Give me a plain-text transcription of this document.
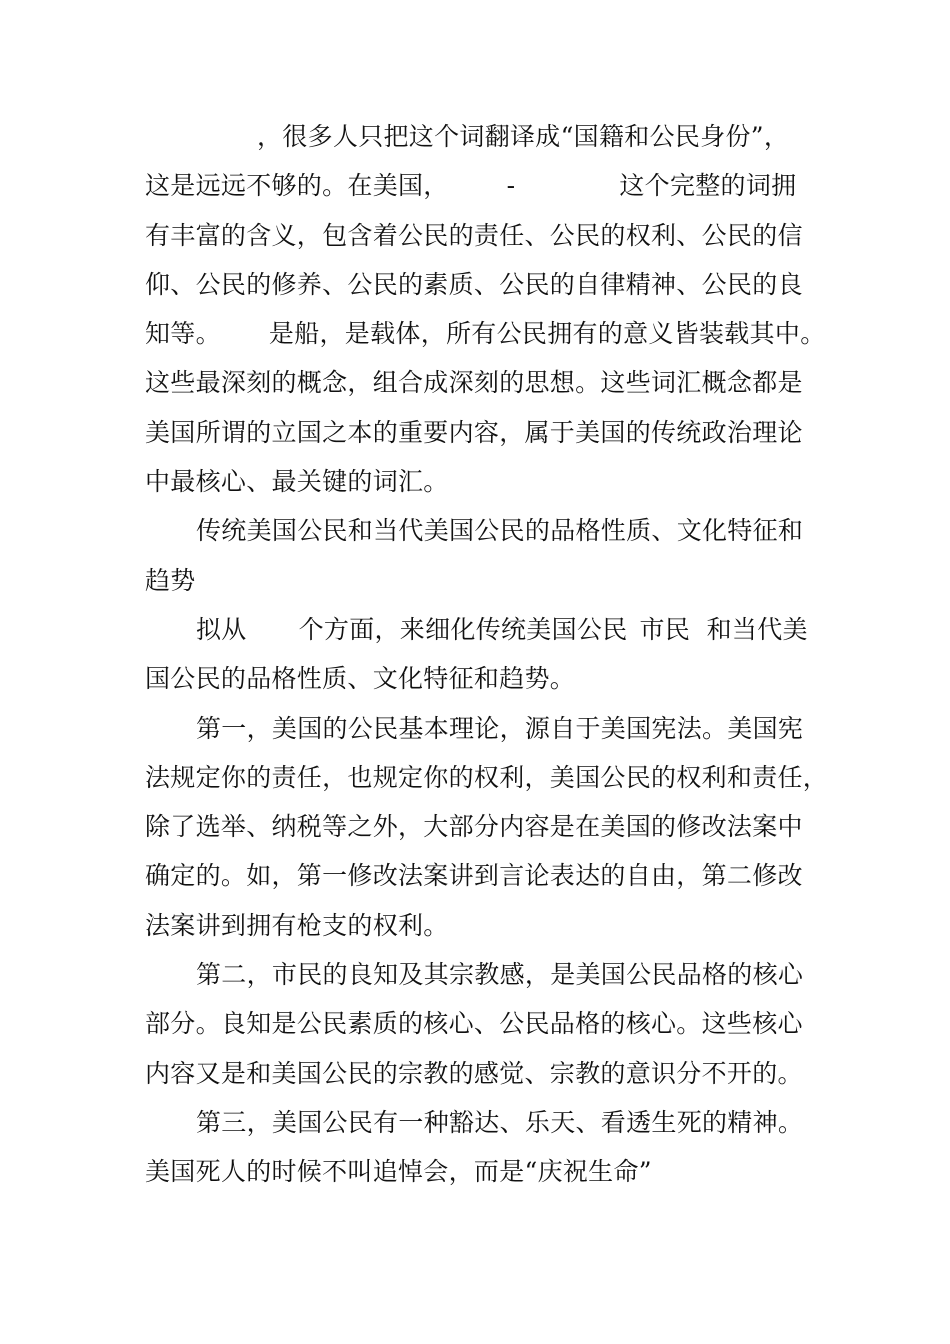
，很多人只把这个词翻译成“国籍和公民身份”，
这是远远不够的。在美国， -	这个完整的词拥
有丰富的含义，包含着公民的责任、公民的权利、公民的信
仰、公民的修养、公民的素质、公民的自律精神、公民的良
知等。 是船，是载体，所有公民拥有的意义皆装载其中。
这些最深刻的概念，组合成深刻的思想。这些词汇概念都是
美国所谓的立国之本的重要内容，属于美国的传统政治理论
中最核心、最关键的词汇。
传统美国公民和当代美国公民的品格性质、文化特征和
趋势
拟从 个方面，来细化传统美国公民 市民  和当代美
国公民的品格性质、文化特征和趋势。
第一，美国的公民基本理论，源自于美国宪法。美国宪
法规定你的责任，也规定你的权利，美国公民的权利和责任，
除了选举、纳税等之外，大部分内容是在美国的修改法案中
确定的。如，第一修改法案讲到言论表达的自由，第二修改
法案讲到拥有枪支的权利。
第二，市民的良知及其宗教感，是美国公民品格的核心
部分。良知是公民素质的核心、公民品格的核心。这些核心
内容又是和美国公民的宗教的感觉、宗教的意识分不开的。
第三，美国公民有一种豁达、乐天、看透生死的精神。
美国死人的时候不叫追悼会，而是“庆祝生命”
